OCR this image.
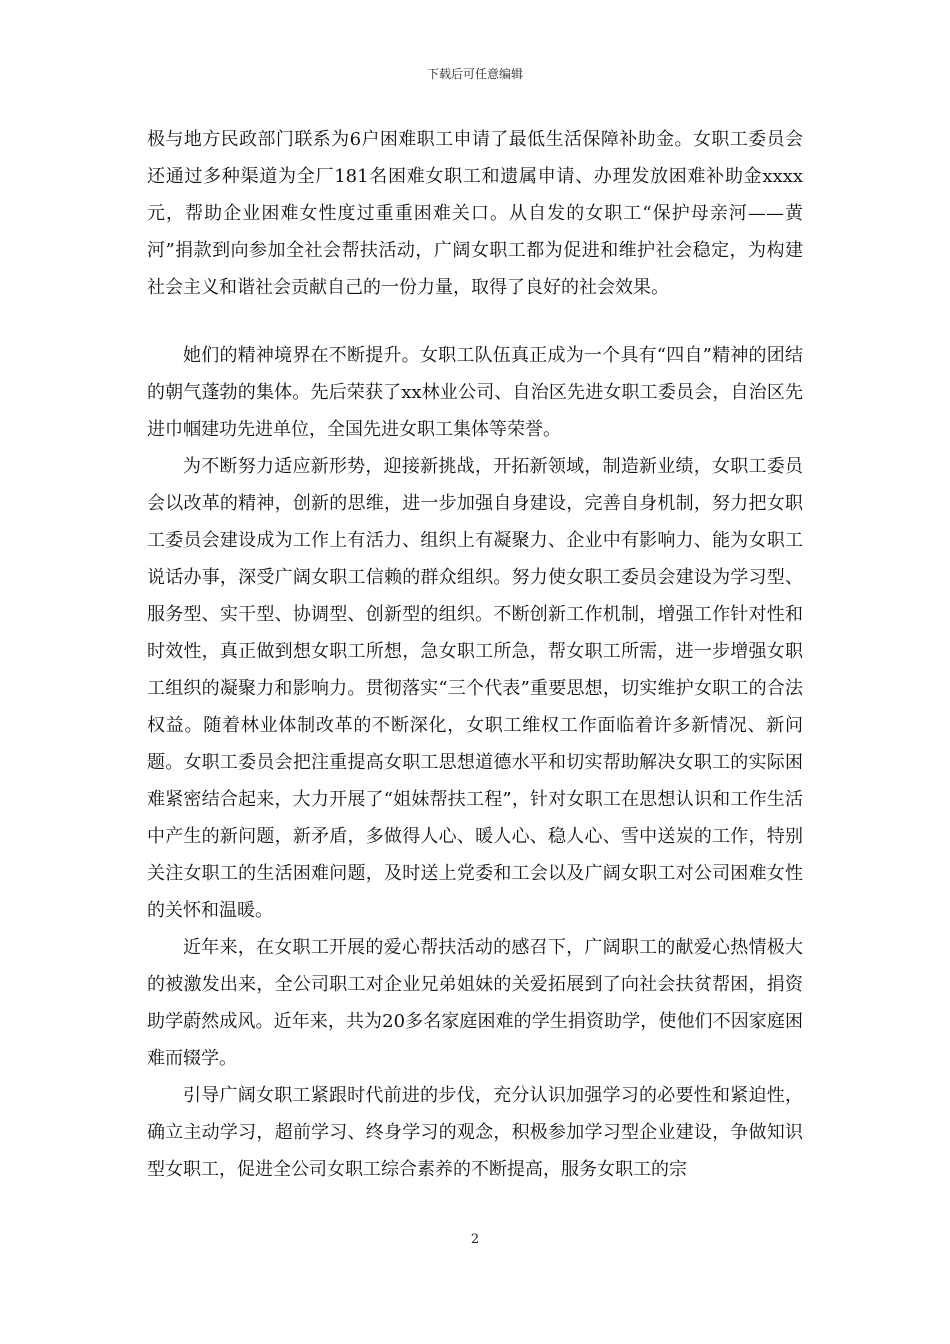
下载后可任意编辑

极与地方民政部门联系为6户困难职工申请了最低生活保障补助金。女职工委员会还通过多种渠道为全厂181名困难女职工和遗属申请、办理发放困难补助金xxxx元，帮助企业困难女性度过重重困难关口。从自发的女职工“保护母亲河——黄河”捐款到向参加全社会帮扶活动，广阔女职工都为促进和维护社会稳定，为构建社会主义和谐社会贡献自己的一份力量，取得了良好的社会效果。

她们的精神境界在不断提升。女职工队伍真正成为一个具有“四自”精神的团结的朝气蓬勃的集体。先后荣获了xx林业公司、自治区先进女职工委员会，自治区先进巾帼建功先进单位，全国先进女职工集体等荣誉。

为不断努力适应新形势，迎接新挑战，开拓新领域，制造新业绩，女职工委员会以改革的精神，创新的思维，进一步加强自身建设，完善自身机制，努力把女职工委员会建设成为工作上有活力、组织上有凝聚力、企业中有影响力、能为女职工说话办事，深受广阔女职工信赖的群众组织。努力使女职工委员会建设为学习型、服务型、实干型、协调型、创新型的组织。不断创新工作机制，增强工作针对性和时效性，真正做到想女职工所想，急女职工所急，帮女职工所需，进一步增强女职工组织的凝聚力和影响力。贯彻落实“三个代表”重要思想，切实维护女职工的合法权益。随着林业体制改革的不断深化，女职工维权工作面临着许多新情况、新问题。女职工委员会把注重提高女职工思想道德水平和切实帮助解决女职工的实际困难紧密结合起来，大力开展了“姐妹帮扶工程”，针对女职工在思想认识和工作生活中产生的新问题，新矛盾，多做得人心、暖人心、稳人心、雪中送炭的工作，特别关注女职工的生活困难问题，及时送上党委和工会以及广阔女职工对公司困难女性的关怀和温暖。

近年来，在女职工开展的爱心帮扶活动的感召下，广阔职工的献爱心热情极大的被激发出来，全公司职工对企业兄弟姐妹的关爱拓展到了向社会扶贫帮困，捐资助学蔚然成风。近年来，共为20多名家庭困难的学生捐资助学，使他们不因家庭困难而辍学。

引导广阔女职工紧跟时代前进的步伐，充分认识加强学习的必要性和紧迫性，确立主动学习，超前学习、终身学习的观念，积极参加学习型企业建设，争做知识型女职工，促进全公司女职工综合素养的不断提高，服务女职工的宗

2
